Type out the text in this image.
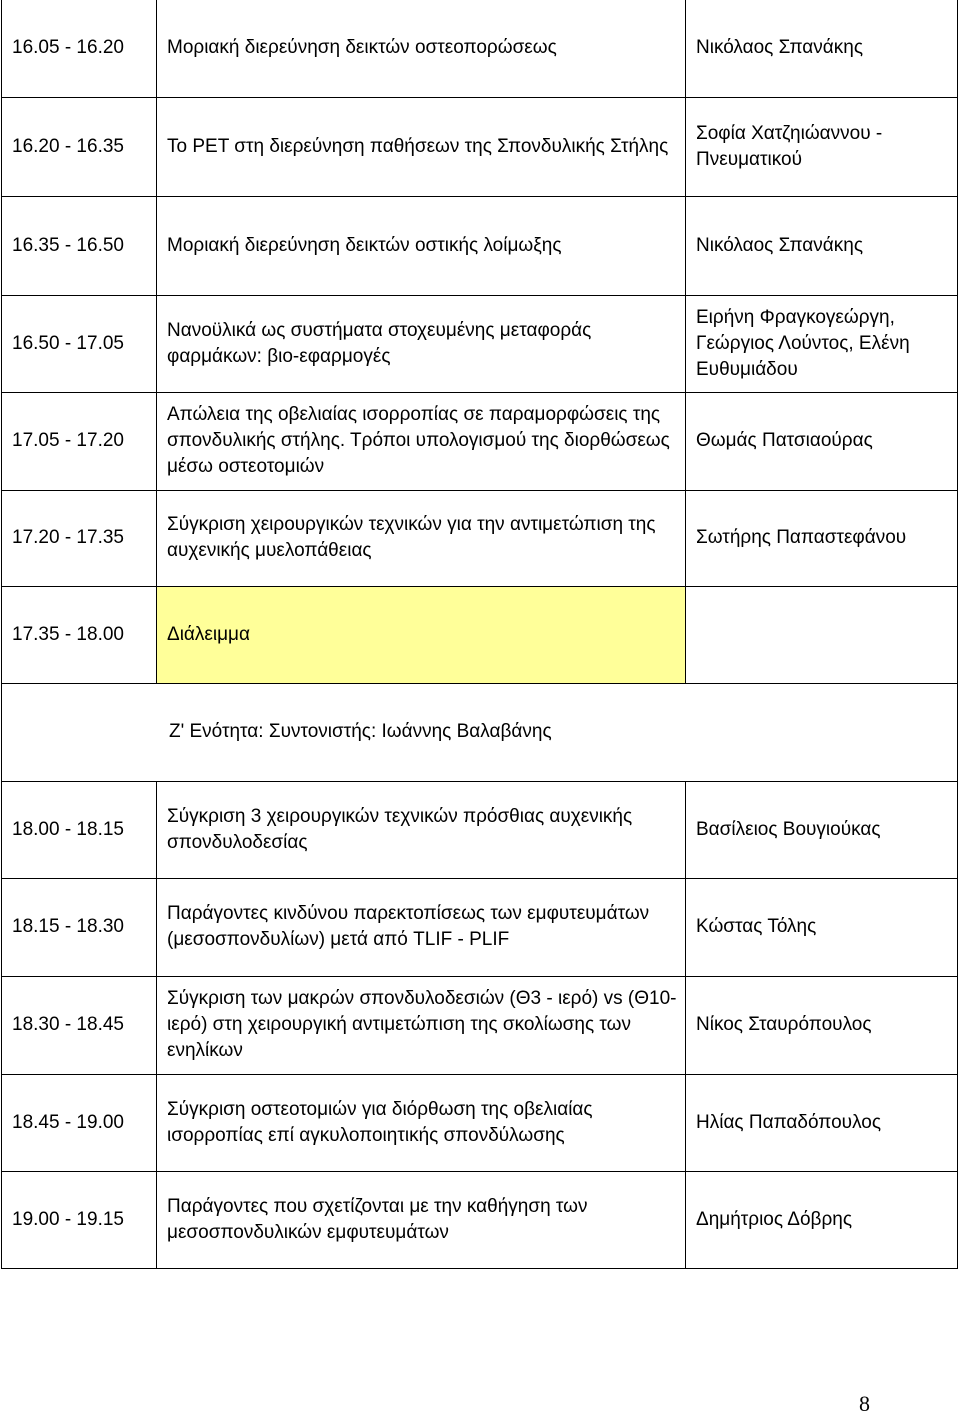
16.05 - 16.20	Μοριακή διερεύνηση δεικτών οστεοπορώσεως	Νικόλαος Σπανάκης
16.20 - 16.35	Το PET στη διερεύνηση παθήσεων της Σπονδυλικής Στήλης	Σοφία Χατζηιώαννου - Πνευματικού
16.35 - 16.50	Μοριακή διερεύνηση δεικτών οστικής λοίμωξης	Νικόλαος Σπανάκης
16.50 - 17.05	Νανοϋλικά ως συστήματα στοχευμένης μεταφοράς φαρμάκων: βιο-εφαρμογές	Ειρήνη Φραγκογεώργη, Γεώργιος Λούντος, Ελένη Ευθυμιάδου
17.05 - 17.20	Απώλεια της οβελιαίας ισορροπίας σε παραμορφώσεις της σπονδυλικής στήλης. Τρόποι υπολογισμού της διορθώσεως μέσω οστεοτομιών	Θωμάς Πατσιαούρας
17.20 - 17.35	Σύγκριση χειρουργικών τεχνικών για την αντιμετώπιση της αυχενικής μυελοπάθειας	Σωτήρης Παπαστεφάνου
17.35 - 18.00	Διάλειμμα	
Ζ' Ενότητα: Συντονιστής: Ιωάννης Βαλαβάνης		
18.00 - 18.15	Σύγκριση 3 χειρουργικών τεχνικών πρόσθιας αυχενικής σπονδυλοδεσίας	Βασίλειος Βουγιούκας
18.15 - 18.30	Παράγοντες κινδύνου παρεκτοπίσεως των εμφυτευμάτων (μεσοσπονδυλίων) μετά από TLIF - PLIF	Κώστας Τόλης
18.30 - 18.45	Σύγκριση των μακρών σπονδυλοδεσιών (Θ3 - ιερό) vs (Θ10-ιερό) στη χειρουργική αντιμετώπιση της σκολίωσης των ενηλίκων	Νίκος Σταυρόπουλος
18.45 - 19.00	Σύγκριση οστεοτομιών για διόρθωση της οβελιαίας ισορροπίας επί αγκυλοποιητικής σπονδύλωσης	Ηλίας Παπαδόπουλος
19.00 - 19.15	Παράγοντες που σχετίζονται με την καθήγηση των μεσοσπονδυλικών εμφυτευμάτων	Δημήτριος Δόβρης
8
